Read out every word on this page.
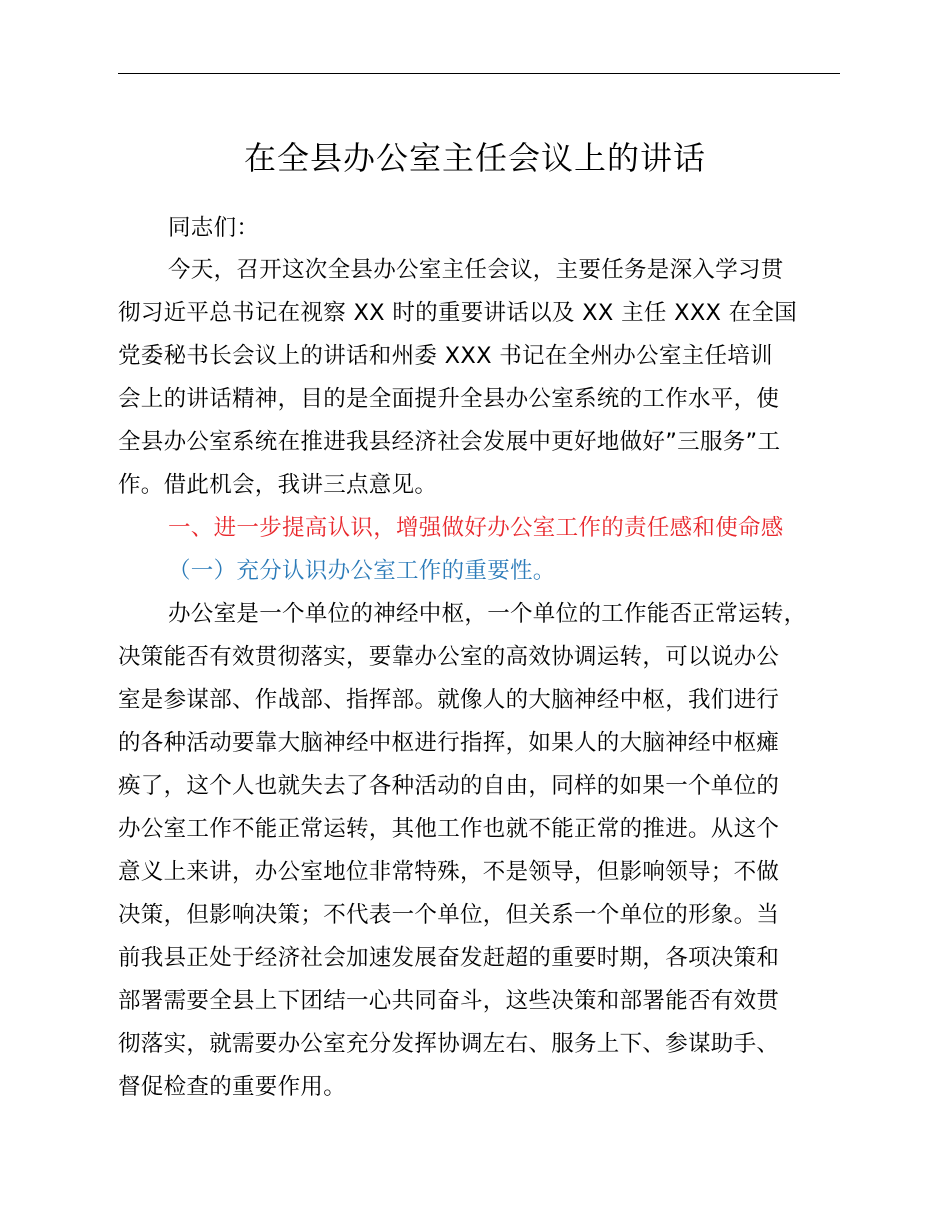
在全县办公室主任会议上的讲话
同志们：
今天，召开这次全县办公室主任会议，主要任务是深入学习贯
彻习近平总书记在视察 XX 时的重要讲话以及 XX 主任 XXX 在全国
党委秘书长会议上的讲话和州委 XXX 书记在全州办公室主任培训
会上的讲话精神，目的是全面提升全县办公室系统的工作水平，使
全县办公室系统在推进我县经济社会发展中更好地做好”三服务”工
作。借此机会，我讲三点意见。
一、进一步提高认识，增强做好办公室工作的责任感和使命感
（一）充分认识办公室工作的重要性。
办公室是一个单位的神经中枢，一个单位的工作能否正常运转，
决策能否有效贯彻落实，要靠办公室的高效协调运转，可以说办公
室是参谋部、作战部、指挥部。就像人的大脑神经中枢，我们进行
的各种活动要靠大脑神经中枢进行指挥，如果人的大脑神经中枢瘫
痪了，这个人也就失去了各种活动的自由，同样的如果一个单位的
办公室工作不能正常运转，其他工作也就不能正常的推进。从这个
意义上来讲，办公室地位非常特殊，不是领导，但影响领导；不做
决策，但影响决策；不代表一个单位，但关系一个单位的形象。当
前我县正处于经济社会加速发展奋发赶超的重要时期，各项决策和
部署需要全县上下团结一心共同奋斗，这些决策和部署能否有效贯
彻落实，就需要办公室充分发挥协调左右、服务上下、参谋助手、
督促检查的重要作用。
